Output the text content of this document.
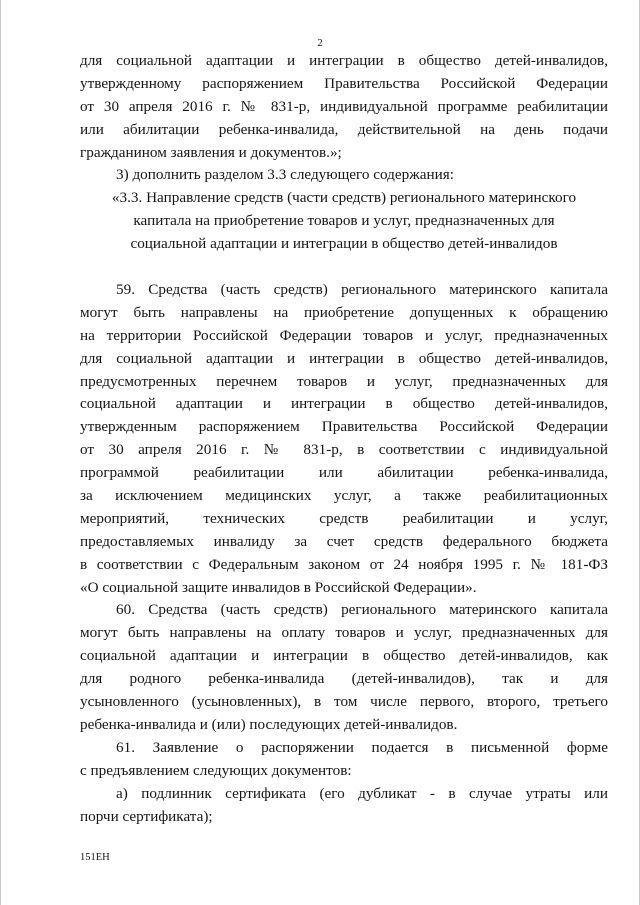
2
для социальной адаптации и интеграции в общество детей-инвалидов,
утвержденному распоряжением Правительства Российской Федерации
от 30 апреля 2016 г. № 831-р, индивидуальной программе реабилитации
или абилитации ребенка-инвалида, действительной на день подачи
гражданином заявления и документов.»;
3) дополнить разделом 3.3 следующего содержания:
«3.3. Направление средств (части средств) регионального материнского
капитала на приобретение товаров и услуг, предназначенных для
социальной адаптации и интеграции в общество детей-инвалидов
59. Средства (часть средств) регионального материнского капитала
могут быть направлены на приобретение допущенных к обращению
на территории Российской Федерации товаров и услуг, предназначенных
для социальной адаптации и интеграции в общество детей-инвалидов,
предусмотренных перечнем товаров и услуг, предназначенных для
социальной адаптации и интеграции в общество детей-инвалидов,
утвержденным распоряжением Правительства Российской Федерации
от 30 апреля 2016 г. № 831-р, в соответствии с индивидуальной
программой реабилитации или абилитации ребенка-инвалида,
за исключением медицинских услуг, а также реабилитационных
мероприятий, технических средств реабилитации и услуг,
предоставляемых инвалиду за счет средств федерального бюджета
в соответствии с Федеральным законом от 24 ноября 1995 г. № 181-ФЗ
«О социальной защите инвалидов в Российской Федерации».
60. Средства (часть средств) регионального материнского капитала
могут быть направлены на оплату товаров и услуг, предназначенных для
социальной адаптации и интеграции в общество детей-инвалидов, как
для родного ребенка-инвалида (детей-инвалидов), так и для
усыновленного (усыновленных), в том числе первого, второго, третьего
ребенка-инвалида и (или) последующих детей-инвалидов.
61. Заявление о распоряжении подается в письменной форме
с предъявлением следующих документов:
а) подлинник сертификата (его дубликат - в случае утраты или
порчи сертификата);
151ЕН
